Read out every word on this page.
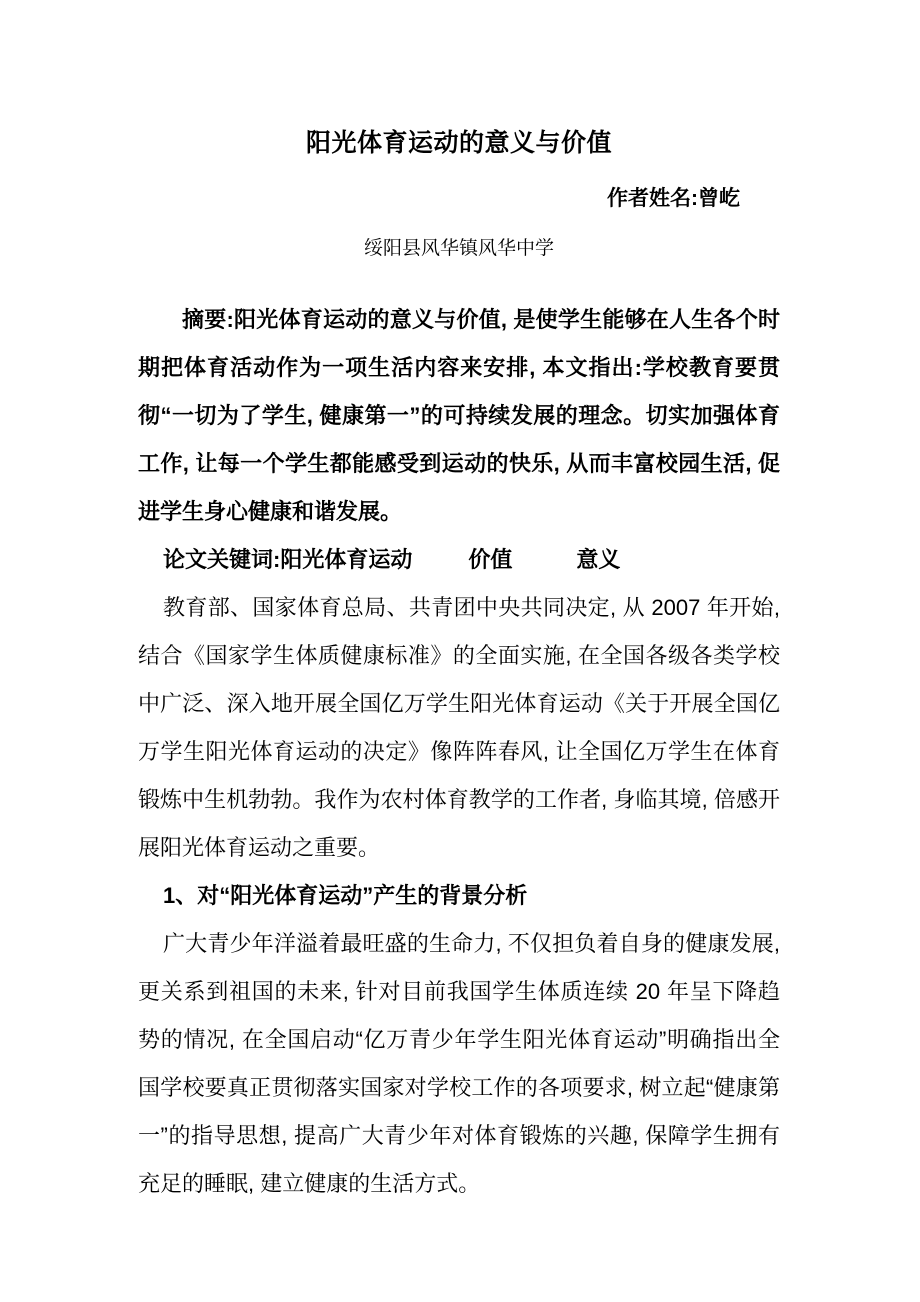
阳光体育运动的意义与价值
作者姓名:曾屹
绥阳县风华镇风华中学

摘要:阳光体育运动的意义与价值, 是使学生能够在人生各个时期把体育活动作为一项生活内容来安排, 本文指出:学校教育要贯彻“一切为了学生, 健康第一”的可持续发展的理念。切实加强体育工作, 让每一个学生都能感受到运动的快乐, 从而丰富校园生活, 促进学生身心健康和谐发展。

论文关键词:阳光体育运动	价值	意义

教育部、国家体育总局、共青团中央共同决定, 从 2007 年开始, 结合《国家学生体质健康标准》的全面实施, 在全国各级各类学校中广泛、深入地开展全国亿万学生阳光体育运动《关于开展全国亿万学生阳光体育运动的决定》像阵阵春风, 让全国亿万学生在体育锻炼中生机勃勃。我作为农村体育教学的工作者, 身临其境, 倍感开展阳光体育运动之重要。

1、对“阳光体育运动”产生的背景分析

广大青少年洋溢着最旺盛的生命力, 不仅担负着自身的健康发展, 更关系到祖国的未来, 针对目前我国学生体质连续 20 年呈下降趋势的情况, 在全国启动“亿万青少年学生阳光体育运动”明确指出全国学校要真正贯彻落实国家对学校工作的各项要求, 树立起“健康第一”的指导思想, 提高广大青少年对体育锻炼的兴趣, 保障学生拥有充足的睡眠, 建立健康的生活方式。
